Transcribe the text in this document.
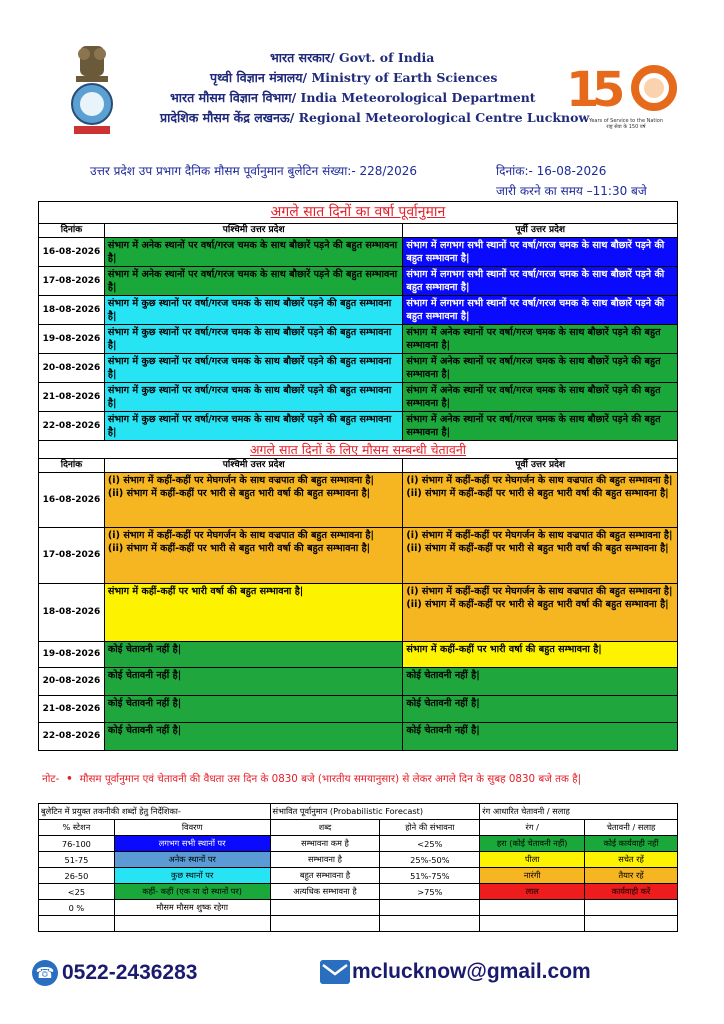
भारत सरकार/ Govt. of India
पृथ्वी विज्ञान मंत्रालय/ Ministry of Earth Sciences
भारत मौसम विज्ञान विभाग/ India Meteorological Department
प्रादेशिक मौसम केंद्र लखनऊ/ Regional Meteorological Centre Lucknow
1
5
Years of Service to the Nation
राष्ट्र सेवा के 150 वर्ष
उत्तर प्रदेश उप प्रभाग दैनिक मौसम पूर्वानुमान बुलेटिन संख्या:- 228/2026	दिनांक:- 16-08-2026
जारी करने का समय –11:30 बजे
अगले सात दिनों का वर्षा पूर्वानुमान		
दिनांक	पश्चिमी उत्तर प्रदेश	पूर्वी उत्तर प्रदेश
16-08-2026	संभाग में अनेक स्थानों पर वर्षा/गरज चमक के साथ बौछारें पड़ने की बहुत सम्भावना है|	संभाग में लगभग सभी स्थानों पर वर्षा/गरज चमक के साथ बौछारें पड़ने की बहुत सम्भावना है|
17-08-2026	संभाग में अनेक स्थानों पर वर्षा/गरज चमक के साथ बौछारें पड़ने की बहुत सम्भावना है|	संभाग में लगभग सभी स्थानों पर वर्षा/गरज चमक के साथ बौछारें पड़ने की बहुत सम्भावना है|
18-08-2026	संभाग में कुछ स्थानों पर वर्षा/गरज चमक के साथ बौछारें पड़ने की बहुत सम्भावना है|	संभाग में लगभग सभी स्थानों पर वर्षा/गरज चमक के साथ बौछारें पड़ने की बहुत सम्भावना है|
19-08-2026	संभाग में कुछ स्थानों पर वर्षा/गरज चमक के साथ बौछारें पड़ने की बहुत सम्भावना है|	संभाग में अनेक स्थानों पर वर्षा/गरज चमक के साथ बौछारें पड़ने की बहुत सम्भावना है|
20-08-2026	संभाग में कुछ स्थानों पर वर्षा/गरज चमक के साथ बौछारें पड़ने की बहुत सम्भावना है|	संभाग में अनेक स्थानों पर वर्षा/गरज चमक के साथ बौछारें पड़ने की बहुत सम्भावना है|
21-08-2026	संभाग में कुछ स्थानों पर वर्षा/गरज चमक के साथ बौछारें पड़ने की बहुत सम्भावना है|	संभाग में अनेक स्थानों पर वर्षा/गरज चमक के साथ बौछारें पड़ने की बहुत सम्भावना है|
22-08-2026	संभाग में कुछ स्थानों पर वर्षा/गरज चमक के साथ बौछारें पड़ने की बहुत सम्भावना है|	संभाग में अनेक स्थानों पर वर्षा/गरज चमक के साथ बौछारें पड़ने की बहुत सम्भावना है|
अगले सात दिनों के लिए मौसम सम्बन्धी चेतावनी		
दिनांक	पश्चिमी उत्तर प्रदेश	पूर्वी उत्तर प्रदेश
16-08-2026	(i) संभाग में कहीं-कहीं पर मेघगर्जन के साथ वज्रपात की बहुत सम्भावना है|
(ii) संभाग में कहीं-कहीं पर भारी से बहुत भारी वर्षा की बहुत सम्भावना है|	(i) संभाग में कहीं-कहीं पर मेघगर्जन के साथ वज्रपात की बहुत सम्भावना है|
(ii) संभाग में कहीं-कहीं पर भारी से बहुत भारी वर्षा की बहुत सम्भावना है|
17-08-2026	(i) संभाग में कहीं-कहीं पर मेघगर्जन के साथ वज्रपात की बहुत सम्भावना है|
(ii) संभाग में कहीं-कहीं पर भारी से बहुत भारी वर्षा की बहुत सम्भावना है|	(i) संभाग में कहीं-कहीं पर मेघगर्जन के साथ वज्रपात की बहुत सम्भावना है|
(ii) संभाग में कहीं-कहीं पर भारी से बहुत भारी वर्षा की बहुत सम्भावना है|
18-08-2026	संभाग में कहीं-कहीं पर भारी वर्षा की बहुत सम्भावना है|	(i) संभाग में कहीं-कहीं पर मेघगर्जन के साथ वज्रपात की बहुत सम्भावना है|
(ii) संभाग में कहीं-कहीं पर भारी से बहुत भारी वर्षा की बहुत सम्भावना है|
19-08-2026	कोई चेतावनी नहीं है|	संभाग में कहीं-कहीं पर भारी वर्षा की बहुत सम्भावना है|
20-08-2026	कोई चेतावनी नहीं है|	कोई चेतावनी नहीं है|
21-08-2026	कोई चेतावनी नहीं है|	कोई चेतावनी नहीं है|
22-08-2026	कोई चेतावनी नहीं है|	कोई चेतावनी नहीं है|
नोट-  •  मौसम पूर्वानुमान एवं चेतावनी की वैधता उस दिन के 0830 बजे (भारतीय समयानुसार) से लेकर अगले दिन के सुबह 0830 बजे तक है|
बुलेटिन में प्रयुक्त तकनीकी शब्दों हेतु निर्देशिका-		संभावित पूर्वानुमान (Probabilistic Forecast)		रंग आधारित चेतावनी / सलाह	
% स्टेशन	विवरण	शब्द	होने की संभावना	रंग /	चेतावनी / सलाह
76-100	लगभग सभी स्थानों पर	सम्भावना कम है	<25%	हरा (कोई चेतावनी नहीं)	कोई कार्यवाही नहीं
51-75	अनेक स्थानों पर	सम्भावना है	25%-50%	पीला	सचेत रहें
26-50	कुछ स्थानों पर	बहुत सम्भावना है	51%-75%	नारंगी	तैयार रहें
<25	कहीं- कहीं (एक या दो स्थानों पर)	अत्यधिक सम्भावना है	>75%	लाल	कार्यवाही करें
0 %	मौसम मौसम शुष्क रहेगा				

☎ 0522-2436283	mclucknow@gmail.com
